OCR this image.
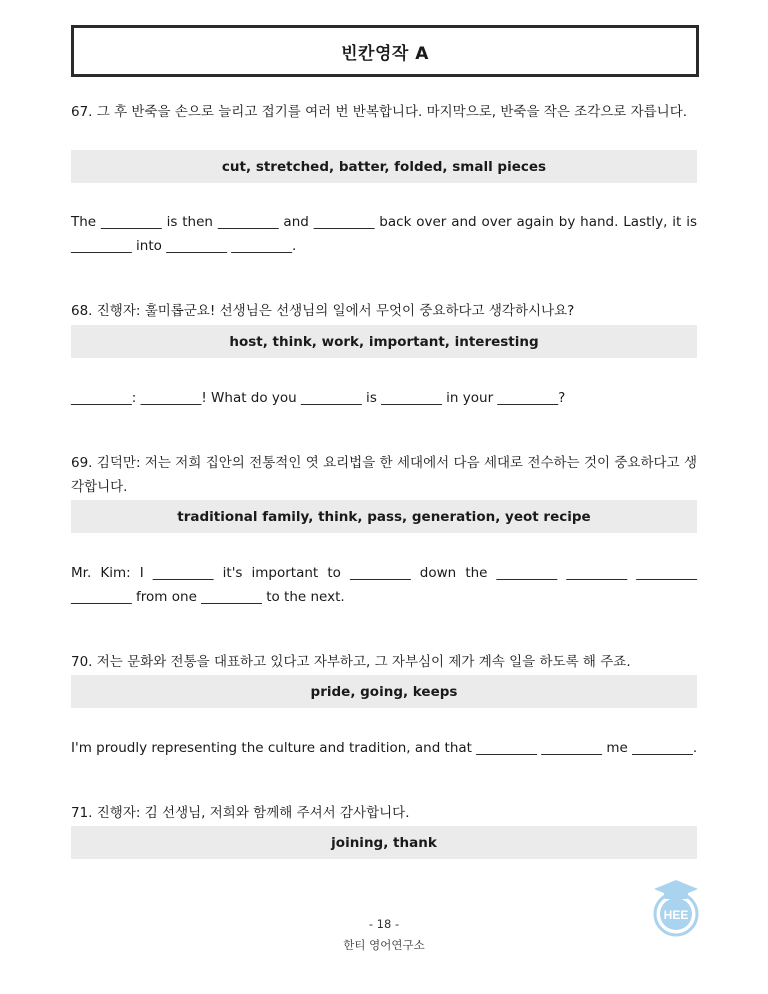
빈칸영작 A
67. 그 후 반죽을 손으로 늘리고 접기를 여러 번 반복합니다. 마지막으로, 반죽을 작은 조각으로 자릅니다.
cut, stretched, batter, folded, small pieces
The _________ is then _________ and _________ back over and over again by hand. Lastly, it is _________ into _________ _________.
68. 진행자: 훌미롭군요! 선생님은 선생님의 일에서 무엇이 중요하다고 생각하시나요?
host, think, work, important, interesting
_________: _________! What do you _________ is _________ in your _________?
69. 김덕만: 저는 저희 집안의 전통적인 엿 요리법을 한 세대에서 다음 세대로 전수하는 것이 중요하다고 생각합니다.
traditional family, think, pass, generation, yeot recipe
Mr. Kim: I _________ it's important to _________ down the _________ _________ _________ _________ from one _________ to the next.
70. 저는 문화와 전통을 대표하고 있다고 자부하고, 그 자부심이 제가 계속 일을 하도록 해 주죠.
pride, going, keeps
I'm proudly representing the culture and tradition, and that _________ _________ me _________.
71. 진행자: 김 선생님, 저희와 함께해 주셔서 감사합니다.
joining, thank
HEE
- 18 -
한티 영어연구소
